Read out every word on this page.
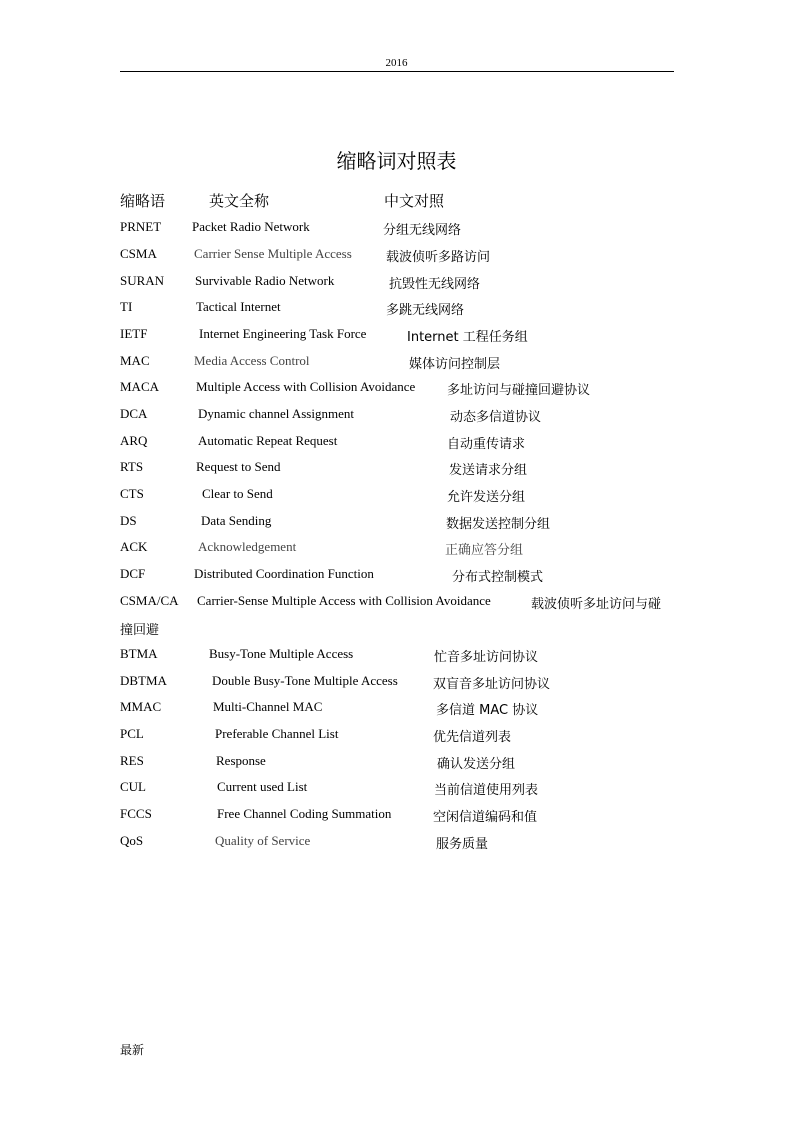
2016
缩略词对照表
缩略语	英文全称	中文对照
PRNET Packet Radio Network	分组无线网络
CSMA	Carrier Sense Multiple Access	载波侦听多路访问
SURAN Survivable Radio Network	抗毁性无线网络
TI	Tactical Internet	多跳无线网络
IETF	Internet Engineering Task Force	Internet 工程任务组
MAC	Media Access Control	媒体访问控制层
MACA	Multiple Access with Collision Avoidance 多址访问与碰撞回避协议
DCA	Dynamic channel Assignment	动态多信道协议
ARQ	Automatic Repeat Request	自动重传请求
RTS	Request to Send	发送请求分组
CTS	Clear to Send	允许发送分组
DS	Data Sending	数据发送控制分组
ACK	Acknowledgement	正确应答分组
DCF	Distributed Coordination Function	分布式控制模式
CSMA/CA Carrier-Sense Multiple Access with Collision Avoidance	载波侦听多址访问与碰
撞回避
BTMA	Busy-Tone Multiple Access	忙音多址访问协议
DBTMA	Double Busy-Tone Multiple Access	双盲音多址访问协议
MMAC	Multi-Channel MAC	多信道 MAC 协议
PCL	Preferable Channel List	优先信道列表
RES	Response	确认发送分组
CUL	Current used List	当前信道使用列表
FCCS	Free Channel Coding Summation	空闲信道编码和值
QoS	Quality of Service	服务质量
最新
